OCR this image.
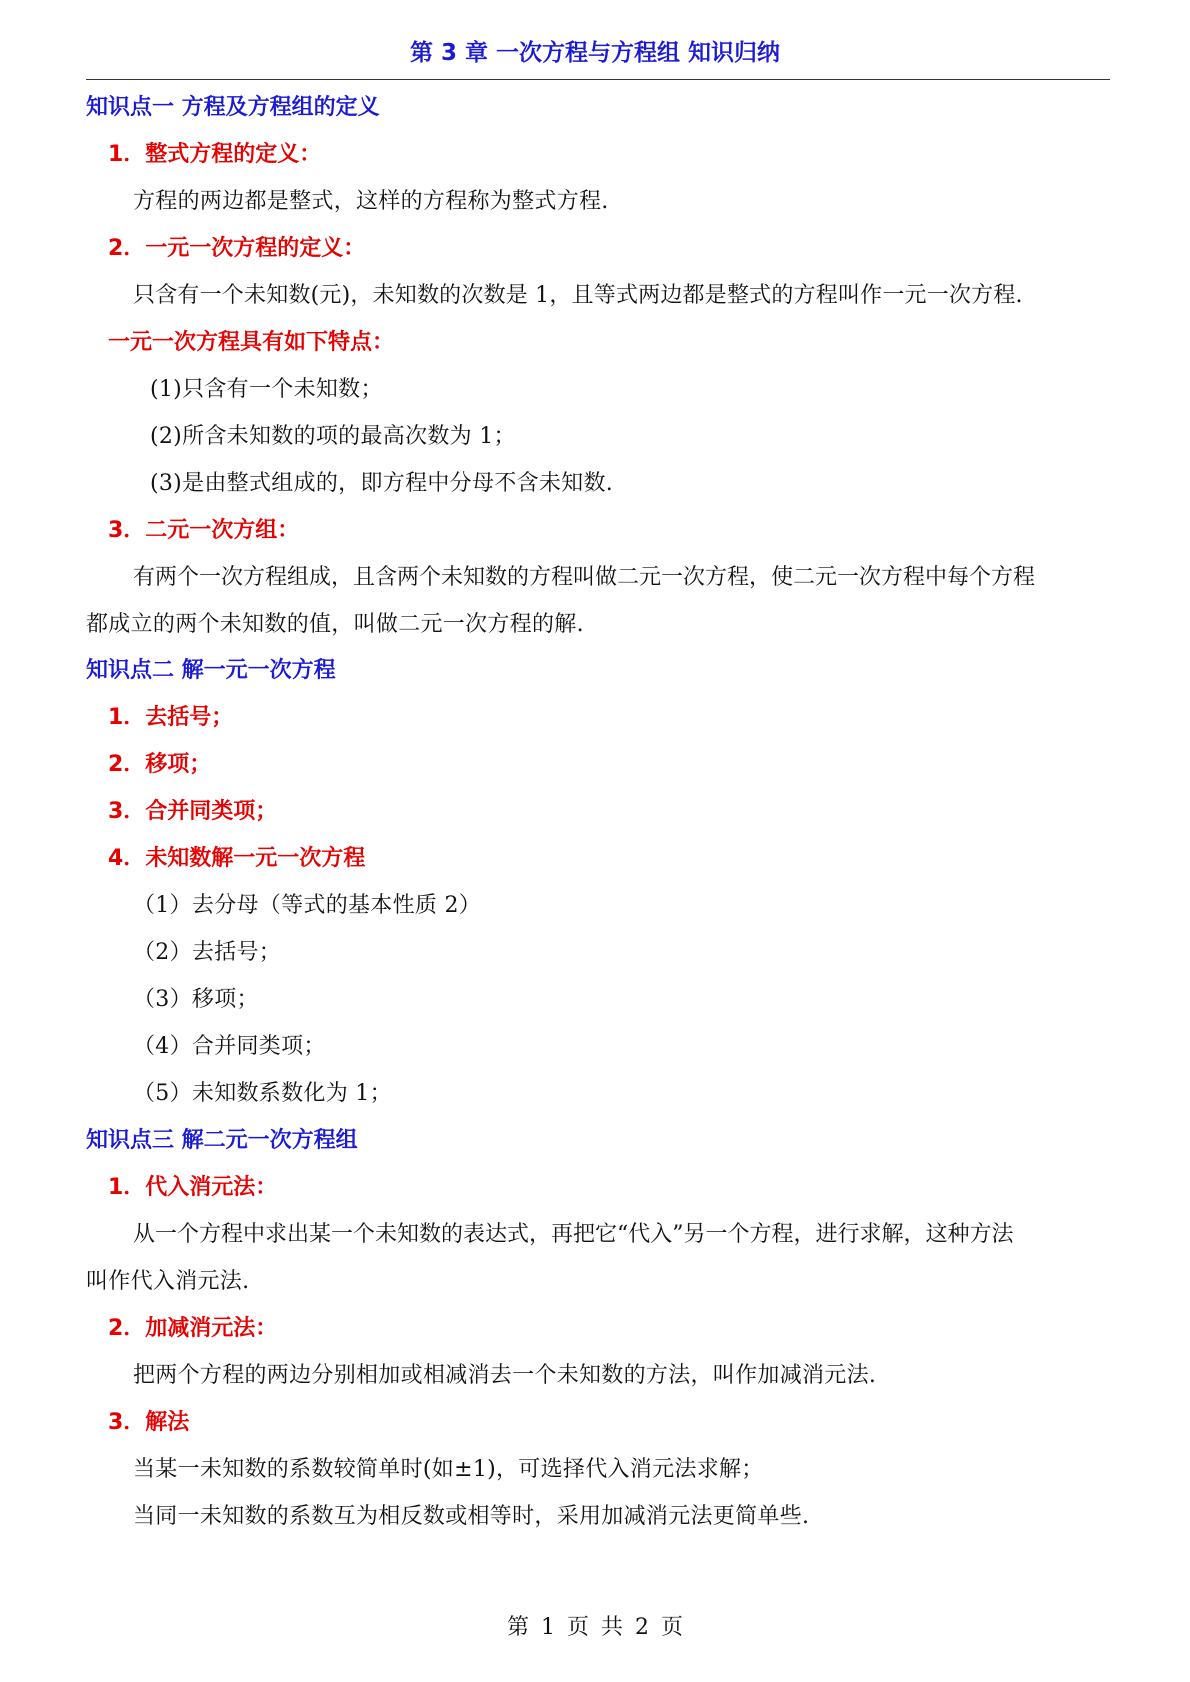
第 3 章 一次方程与方程组 知识归纳
知识点一 方程及方程组的定义
1．整式方程的定义：
方程的两边都是整式，这样的方程称为整式方程.
2．一元一次方程的定义：
只含有一个未知数(元)，未知数的次数是 1，且等式两边都是整式的方程叫作一元一次方程.
一元一次方程具有如下特点：
(1)只含有一个未知数；
(2)所含未知数的项的最高次数为 1；
(3)是由整式组成的，即方程中分母不含未知数.
3．二元一次方组：
有两个一次方程组成，且含两个未知数的方程叫做二元一次方程，使二元一次方程中每个方程
都成立的两个未知数的值，叫做二元一次方程的解.
知识点二 解一元一次方程
1．去括号；
2．移项；
3．合并同类项；
4．未知数解一元一次方程
（1）去分母（等式的基本性质 2）
（2）去括号；
（3）移项；
（4）合并同类项；
（5）未知数系数化为 1；
知识点三 解二元一次方程组
1．代入消元法：
从一个方程中求出某一个未知数的表达式，再把它“代入”另一个方程，进行求解，这种方法
叫作代入消元法.
2．加减消元法：
把两个方程的两边分别相加或相减消去一个未知数的方法，叫作加减消元法.
3．解法
当某一未知数的系数较简单时(如±1)，可选择代入消元法求解；
当同一未知数的系数互为相反数或相等时，采用加减消元法更简单些.
第 1 页 共 2 页
